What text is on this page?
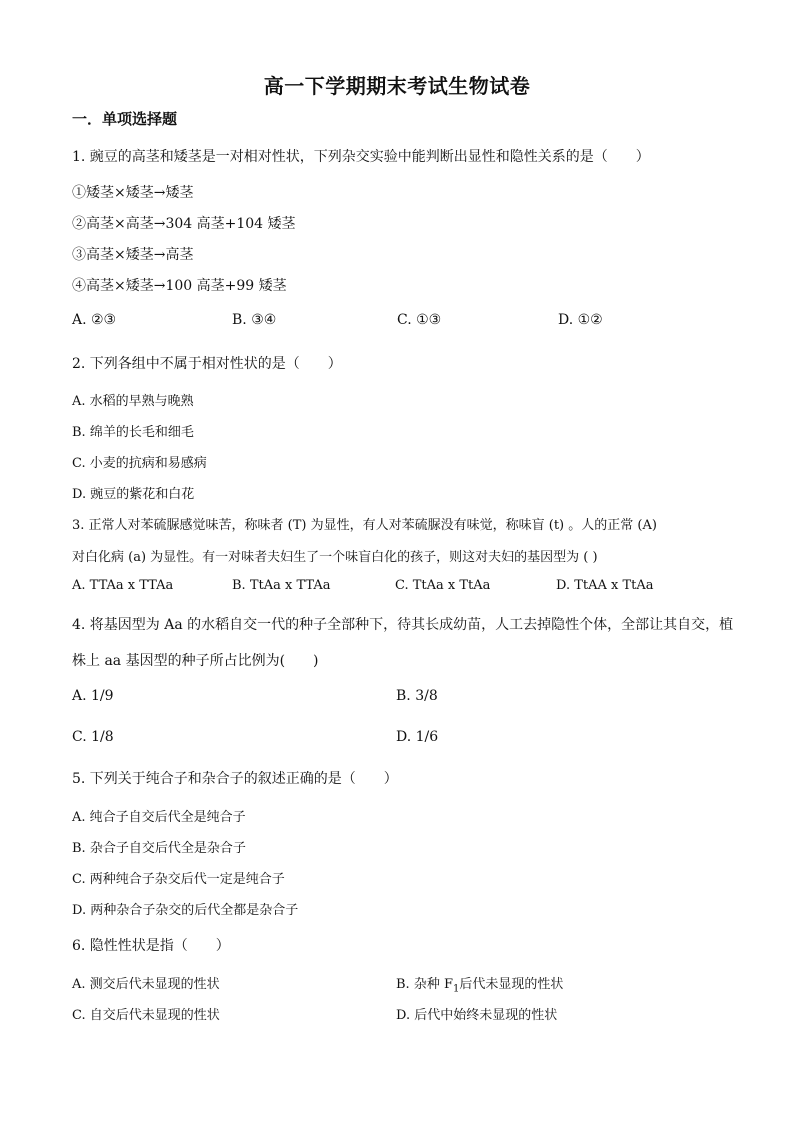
高一下学期期末考试生物试卷
一．单项选择题
1. 豌豆的高茎和矮茎是一对相对性状，下列杂交实验中能判断出显性和隐性关系的是（　　）
①矮茎×矮茎→矮茎
②高茎×高茎→304 高茎+104 矮茎
③高茎×矮茎→高茎
④高茎×矮茎→100 高茎+99 矮茎
A. ②③	B. ③④	C. ①③	D. ①②
2. 下列各组中不属于相对性状的是（　　）
A. 水稻的早熟与晚熟
B. 绵羊的长毛和细毛
C. 小麦的抗病和易感病
D. 豌豆的紫花和白花
3. 正常人对苯硫脲感觉味苦，称味者 (T) 为显性，有人对苯硫脲没有味觉，称味盲 (t) 。人的正常 (A)
对白化病 (a) 为显性。有一对味者夫妇生了一个味盲白化的孩子，则这对夫妇的基因型为 ( )
A. TTAa x TTAa	B. TtAa x TTAa	C. TtAa x TtAa	D. TtAA x TtAa
4. 将基因型为 Aa 的水稻自交一代的种子全部种下，待其长成幼苗，人工去掉隐性个体，全部让其自交，植
株上 aa 基因型的种子所占比例为(　　)
A. 1/9	B. 3/8
C. 1/8	D. 1/6
5. 下列关于纯合子和杂合子的叙述正确的是（　　）
A. 纯合子自交后代全是纯合子
B. 杂合子自交后代全是杂合子
C. 两种纯合子杂交后代一定是纯合子
D. 两种杂合子杂交的后代全都是杂合子
6. 隐性性状是指（　　）
A. 测交后代未显现的性状	B. 杂种 $F_1$后代未显现的性状
C. 自交后代未显现的性状	D. 后代中始终未显现的性状
